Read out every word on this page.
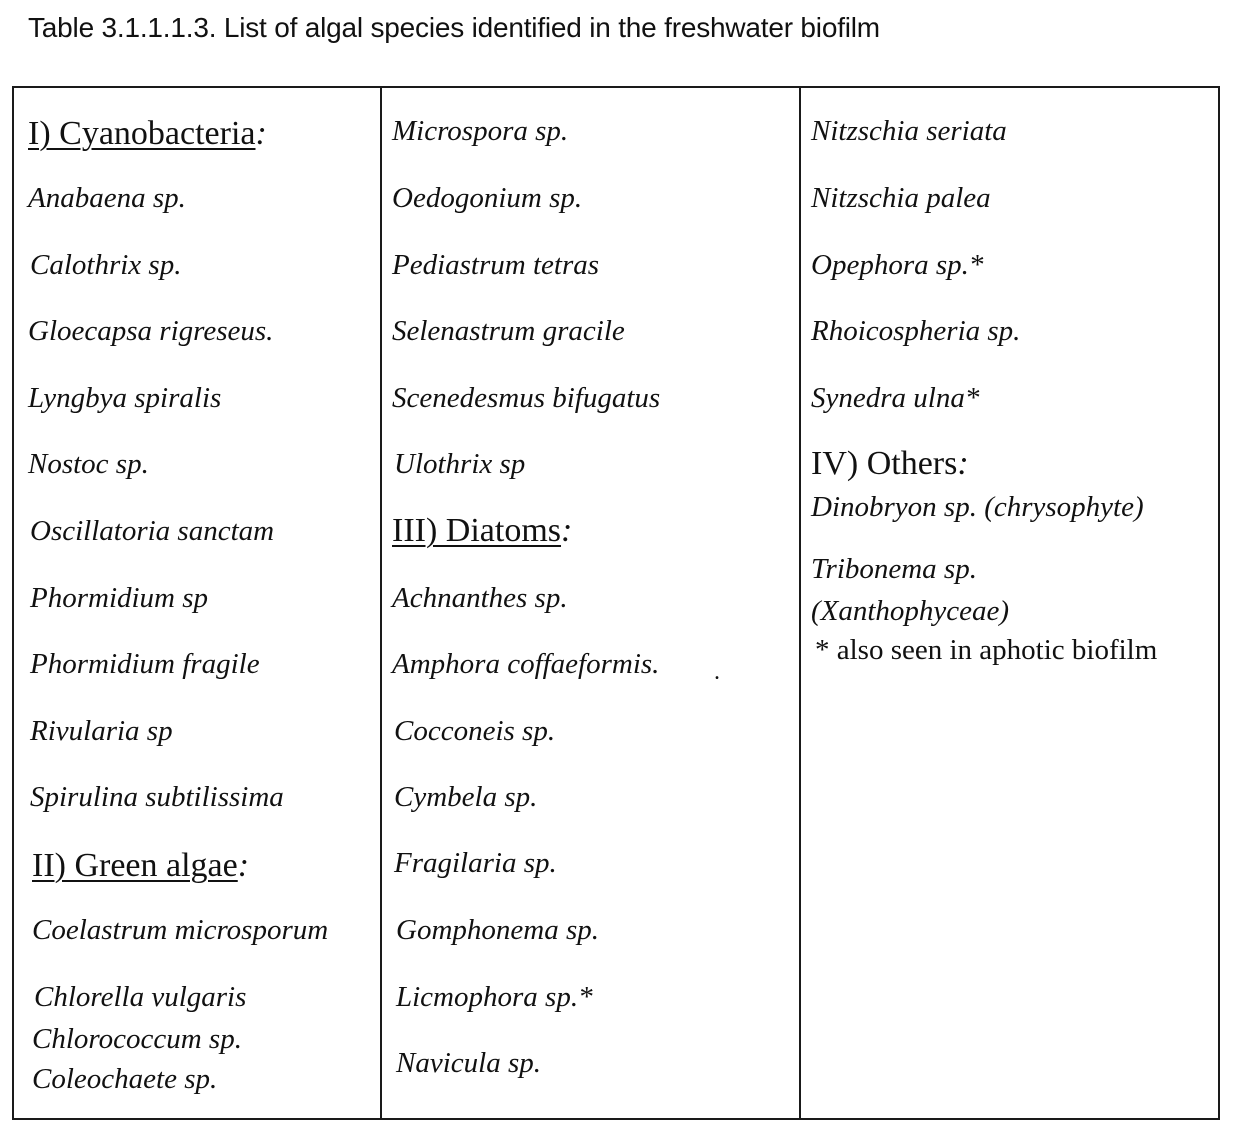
Table 3.1.1.1.3. List of algal species identified in the freshwater biofilm
I) Cyanobacteria:
Anabaena sp.
Calothrix sp.
Gloecapsa rigreseus.
Lyngbya spiralis
Nostoc sp.
Oscillatoria sanctam
Phormidium sp
Phormidium fragile
Rivularia sp
Spirulina subtilissima
II) Green algae:
Coelastrum microsporum
Chlorella vulgaris
Chlorococcum sp.
Coleochaete sp.
Microspora sp.
Oedogonium sp.
Pediastrum tetras
Selenastrum gracile
Scenedesmus bifugatus
Ulothrix sp
III) Diatoms:
Achnanthes sp.
Amphora coffaeformis.
Cocconeis sp.
Cymbela sp.
Fragilaria sp.
Gomphonema sp.
Licmophora sp.*
Navicula sp.
Nitzschia seriata
Nitzschia palea
Opephora sp.*
Rhoicospheria sp.
Synedra ulna*
IV) Others:
Dinobryon sp. (chrysophyte)
Tribonema sp.
(Xanthophyceae)
* also seen in aphotic biofilm
.
